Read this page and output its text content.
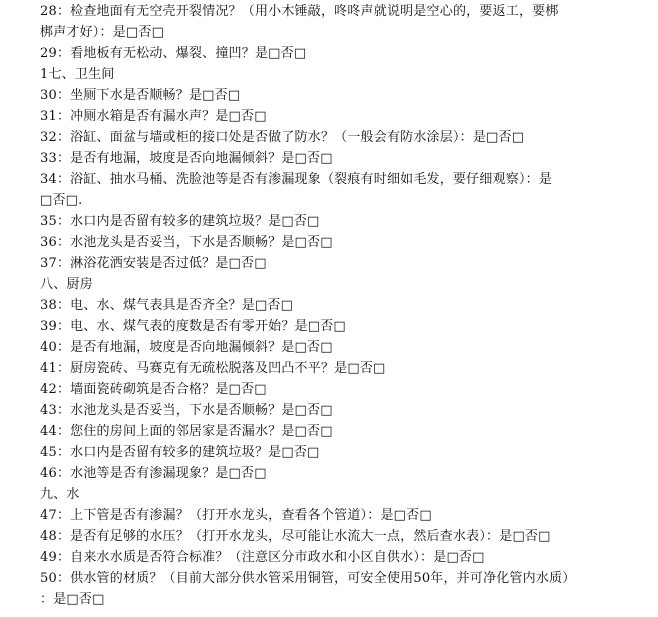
28：检查地面有无空壳开裂情况？（用小木锤敲，咚咚声就说明是空心的，要返工，要梆
梆声才好）：是□否□
29：看地板有无松动、爆裂、撞凹？是□否□
1七、卫生间
30：坐厕下水是否顺畅？是□否□
31：冲厕水箱是否有漏水声？是□否□
32：浴缸、面盆与墙或柜的接口处是否做了防水？（一般会有防水涂层）：是□否□
33：是否有地漏，坡度是否向地漏倾斜？是□否□
34：浴缸、抽水马桶、洗脸池等是否有渗漏现象（裂痕有时细如毛发，要仔细观察）：是
□否□.
35：水口内是否留有较多的建筑垃圾？是□否□
36：水池龙头是否妥当，下水是否顺畅？是□否□
37：淋浴花洒安装是否过低？是□否□
八、厨房
38：电、水、煤气表具是否齐全？是□否□
39：电、水、煤气表的度数是否有零开始？是□否□
40：是否有地漏，坡度是否向地漏倾斜？是□否□
41：厨房瓷砖、马赛克有无疏松脱落及凹凸不平？是□否□
42：墙面瓷砖砌筑是否合格？是□否□
43：水池龙头是否妥当，下水是否顺畅？是□否□
44：您住的房间上面的邻居家是否漏水？是□否□
45：水口内是否留有较多的建筑垃圾？是□否□
46：水池等是否有渗漏现象？是□否□
九、水
47：上下管是否有渗漏？（打开水龙头，查看各个管道）：是□否□
48：是否有足够的水压？（打开水龙头，尽可能让水流大一点，然后查水表）：是□否□
49：自来水水质是否符合标准？（注意区分市政水和小区自供水）：是□否□
50：供水管的材质？（目前大部分供水管采用铜管，可安全使用50年，并可净化管内水质）
：是□否□
